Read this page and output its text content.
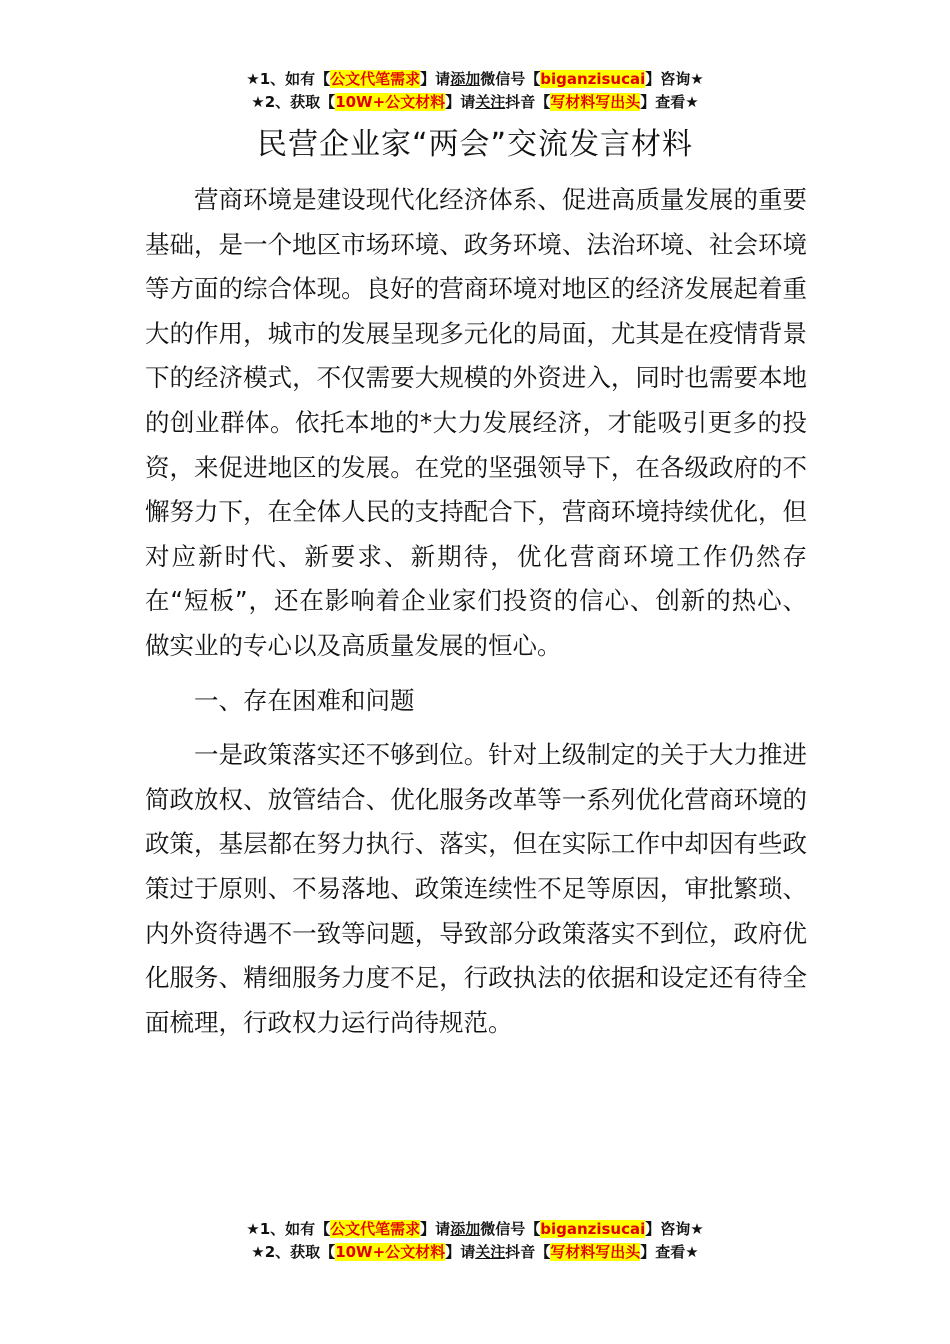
★1、如有【公文代笔需求】请添加微信号【biganzisucai】咨询★
★2、获取【10W+公文材料】请关注抖音【写材料写出头】查看★
民营企业家“两会”交流发言材料

营商环境是建设现代化经济体系、促进高质量发展的重要基础，是一个地区市场环境、政务环境、法治环境、社会环境等方面的综合体现。良好的营商环境对地区的经济发展起着重大的作用，城市的发展呈现多元化的局面，尤其是在疫情背景下的经济模式，不仅需要大规模的外资进入，同时也需要本地的创业群体。依托本地的*大力发展经济，才能吸引更多的投资，来促进地区的发展。在党的坚强领导下，在各级政府的不懈努力下，在全体人民的支持配合下，营商环境持续优化，但对应新时代、新要求、新期待，优化营商环境工作仍然存在“短板”，还在影响着企业家们投资的信心、创新的热心、做实业的专心以及高质量发展的恒心。

一、存在困难和问题

一是政策落实还不够到位。针对上级制定的关于大力推进简政放权、放管结合、优化服务改革等一系列优化营商环境的政策，基层都在努力执行、落实，但在实际工作中却因有些政策过于原则、不易落地、政策连续性不足等原因，审批繁琐、内外资待遇不一致等问题，导致部分政策落实不到位，政府优化服务、精细服务力度不足，行政执法的依据和设定还有待全面梳理，行政权力运行尚待规范。

★1、如有【公文代笔需求】请添加微信号【biganzisucai】咨询★
★2、获取【10W+公文材料】请关注抖音【写材料写出头】查看★
